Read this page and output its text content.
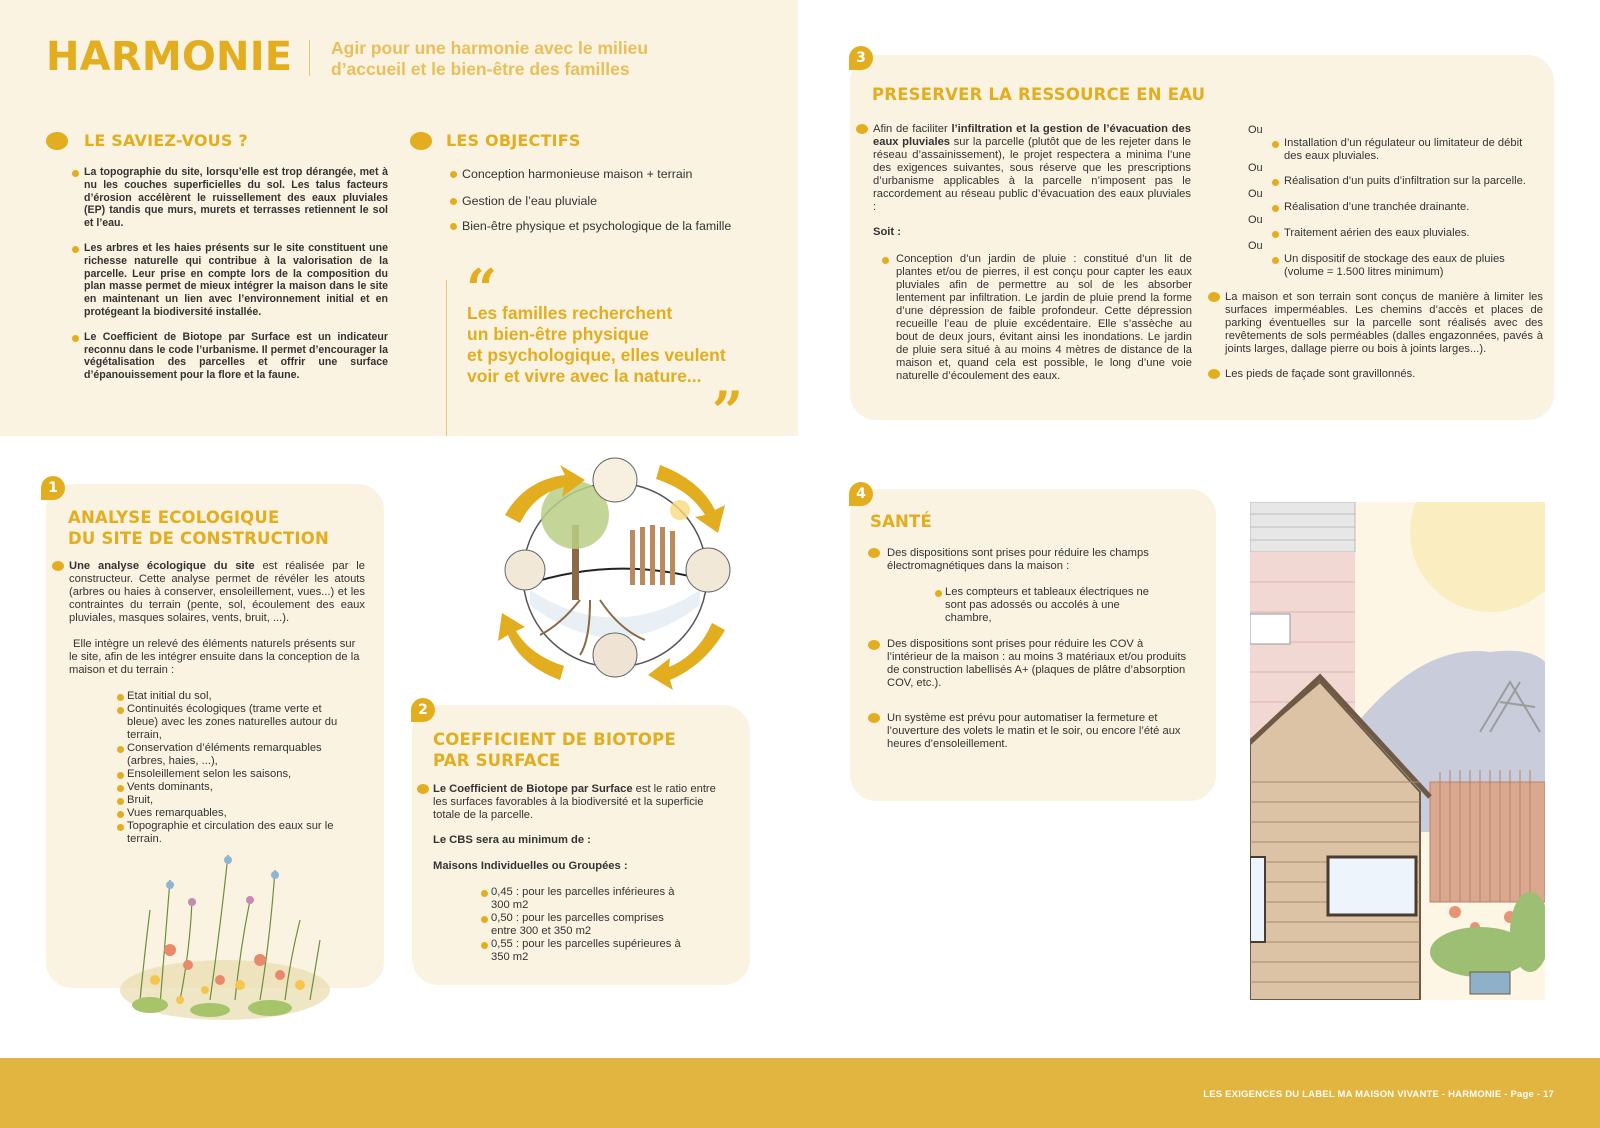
HARMONIE Agir pour une harmonie avec le milieu
d’accueil et le bien-être des familles
LE SAVIEZ-VOUS ?
La topographie du site, lorsqu’elle est trop dérangée, met à nu les couches superficielles du sol. Les talus facteurs d’érosion accélèrent le ruissellement des eaux pluviales (EP) tandis que murs, murets et terrasses retiennent le sol et l’eau.
Les arbres et les haies présents sur le site constituent une richesse naturelle qui contribue à la valorisation de la parcelle. Leur prise en compte lors de la composition du plan masse permet de mieux intégrer la maison dans le site en maintenant un lien avec l’environnement initial et en protégeant la biodiversité installée.
Le Coefficient de Biotope par Surface est un indicateur reconnu dans le code l’urbanisme. Il permet d’encourager la végétalisation des parcelles et offrir une surface d’épanouissement pour la flore et la faune.
LES OBJECTIFS
Conception harmonieuse maison + terrain
Gestion de l’eau pluviale
Bien-être physique et psychologique de la famille
“
Les familles recherchent
un bien-être physique
et psychologique, elles veulent
voir et vivre avec la nature...
”
3
PRESERVER LA RESSOURCE EN EAU
Afin de faciliter l’infiltration et la gestion de l’évacuation des eaux pluviales sur la parcelle (plutôt que de les rejeter dans le réseau d’assainissement), le projet respectera a minima l’une des exigences suivantes, sous réserve que les prescriptions d’urbanisme applicables à la parcelle n’imposent pas le raccordement au réseau public d’évacuation des eaux pluviales :
Soit :
Conception d’un jardin de pluie : constitué d’un lit de plantes et/ou de pierres, il est conçu pour capter les eaux pluviales afin de permettre au sol de les absorber lentement par infiltration. Le jardin de pluie prend la forme d’une dépression de faible profondeur. Cette dépression recueille l’eau de pluie excédentaire. Elle s’assèche au bout de deux jours, évitant ainsi les inondations. Le jardin de pluie sera situé à au moins 4 mètres de distance de la maison et, quand cela est possible, le long d’une voie naturelle d’écoulement des eaux.
Ou
Installation d’un régulateur ou limitateur de débit des eaux pluviales.
Ou
Réalisation d’un puits d’infiltration sur la parcelle.
Ou
Réalisation d’une tranchée drainante.
Ou
Traitement aérien des eaux pluviales.
Ou
Un dispositif de stockage des eaux de pluies (volume = 1.500 litres minimum)
La maison et son terrain sont conçus de manière à limiter les surfaces imperméables. Les chemins d’accès et places de parking éventuelles sur la parcelle sont réalisés avec des revêtements de sols perméables (dalles engazonnées, pavés à joints larges, dallage pierre ou bois à joints larges...).
Les pieds de façade sont gravillonnés.
1
ANALYSE ECOLOGIQUE
DU SITE DE CONSTRUCTION
Une analyse écologique du site est réalisée par le constructeur. Cette analyse permet de révéler les atouts (arbres ou haies à conserver, ensoleillement, vues...) et les contraintes du terrain (pente, sol, écoulement des eaux pluviales, masques solaires, vents, bruit, ...).
Elle intègre un relevé des éléments naturels présents sur le site, afin de les intégrer ensuite dans la conception de la maison et du terrain :
Etat initial du sol,
Continuités écologiques (trame verte et bleue) avec les zones naturelles autour du terrain,
Conservation d’éléments remarquables (arbres, haies, ...),
Ensoleillement selon les saisons,
Vents dominants,
Bruit,
Vues remarquables,
Topographie et circulation des eaux sur le terrain.
2
COEFFICIENT DE BIOTOPE
PAR SURFACE
Le Coefficient de Biotope par Surface est le ratio entre les surfaces favorables à la biodiversité et la superficie totale de la parcelle.
Le CBS sera au minimum de :
Maisons Individuelles ou Groupées :
0,45 : pour les parcelles inférieures à 300 m2
0,50 : pour les parcelles comprises entre 300 et 350 m2
0,55 : pour les parcelles supérieures à 350 m2
4
SANTÉ
Des dispositions sont prises pour réduire les champs électromagnétiques dans la maison :
Les compteurs et tableaux électriques ne sont pas adossés ou accolés à une chambre,
Des dispositions sont prises pour réduire les COV à l’intérieur de la maison : au moins 3 matériaux et/ou produits de construction labellisés A+ (plaques de plâtre d’absorption COV, etc.).
Un système est prévu pour automatiser la fermeture et l’ouverture des volets le matin et le soir, ou encore l’été aux heures d’ensoleillement.
LES EXIGENCES DU LABEL MA MAISON VIVANTE - HARMONIE - Page - 17
